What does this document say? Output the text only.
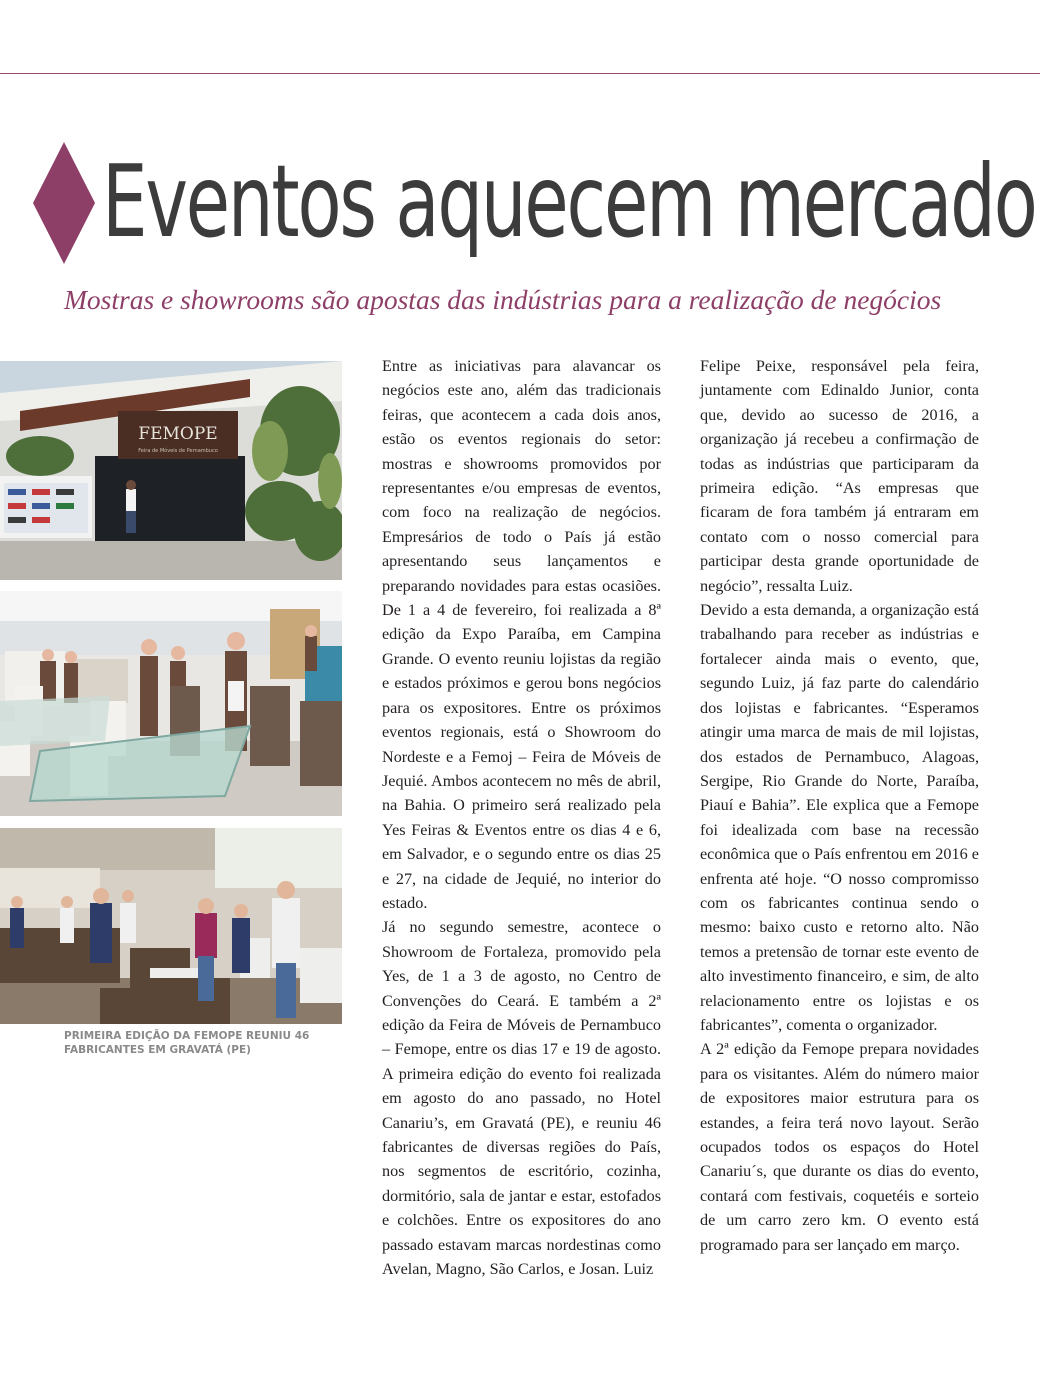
Eventos aquecem mercado
Mostras e showrooms são apostas das indústrias para a realização de negócios
FEMOPE
Feira de Móveis de Pernambuco

PRIMEIRA EDIÇÃO DA FEMOPE REUNIU 46 FABRICANTES EM GRAVATÁ (PE)

Entre as iniciativas para alavancar os negócios este ano, além das tradicionais feiras, que acontecem a cada dois anos, estão os eventos regionais do setor: mostras e showrooms promovidos por representantes e/ou empresas de eventos, com foco na realização de negócios. Empresários de todo o País já estão apresentando seus lançamentos e preparando novidades para estas ocasiões. De 1 a 4 de fevereiro, foi realizada a 8ª edição da Expo Paraíba, em Campina Grande. O evento reuniu lojistas da região e estados próximos e gerou bons negócios para os expositores. Entre os próximos eventos regionais, está o Showroom do Nordeste e a Femoj – Feira de Móveis de Jequié. Ambos acontecem no mês de abril, na Bahia. O primeiro será realizado pela Yes Feiras & Eventos entre os dias 4 e 6, em Salvador, e o segundo entre os dias 25 e 27, na cidade de Jequié, no interior do estado.

Já no segundo semestre, acontece o Showroom de Fortaleza, promovido pela Yes, de 1 a 3 de agosto, no Centro de Convenções do Ceará. E também a 2ª edição da Feira de Móveis de Pernambuco – Femope, entre os dias 17 e 19 de agosto. A primeira edição do evento foi realizada em agosto do ano passado, no Hotel Canariu’s, em Gravatá (PE), e reuniu 46 fabricantes de diversas regiões do País, nos segmentos de escritório, cozinha, dormitório, sala de jantar e estar, estofados e colchões. Entre os expositores do ano passado estavam marcas nordestinas como Avelan, Magno, São Carlos, e Josan. Luiz

Felipe Peixe, responsável pela feira, juntamente com Edinaldo Junior, conta que, devido ao sucesso de 2016, a organização já recebeu a confirmação de todas as indústrias que participaram da primeira edição. “As empresas que ficaram de fora também já entraram em contato com o nosso comercial para participar desta grande oportunidade de negócio”, ressalta Luiz.

Devido a esta demanda, a organização está trabalhando para receber as indústrias e fortalecer ainda mais o evento, que, segundo Luiz, já faz parte do calendário dos lojistas e fabricantes. “Esperamos atingir uma marca de mais de mil lojistas, dos estados de Pernambuco, Alagoas, Sergipe, Rio Grande do Norte, Paraíba, Piauí e Bahia”. Ele explica que a Femope foi idealizada com base na recessão econômica que o País enfrentou em 2016 e enfrenta até hoje. “O nosso compromisso com os fabricantes continua sendo o mesmo: baixo custo e retorno alto. Não temos a pretensão de tornar este evento de alto investimento financeiro, e sim, de alto relacionamento entre os lojistas e os fabricantes”, comenta o organizador.

A 2ª edição da Femope prepara novidades para os visitantes. Além do número maior de expositores maior estrutura para os estandes, a feira terá novo layout. Serão ocupados todos os espaços do Hotel Canariu´s, que durante os dias do evento, contará com festivais, coquetéis e sorteio de um carro zero km. O evento está programado para ser lançado em março.
